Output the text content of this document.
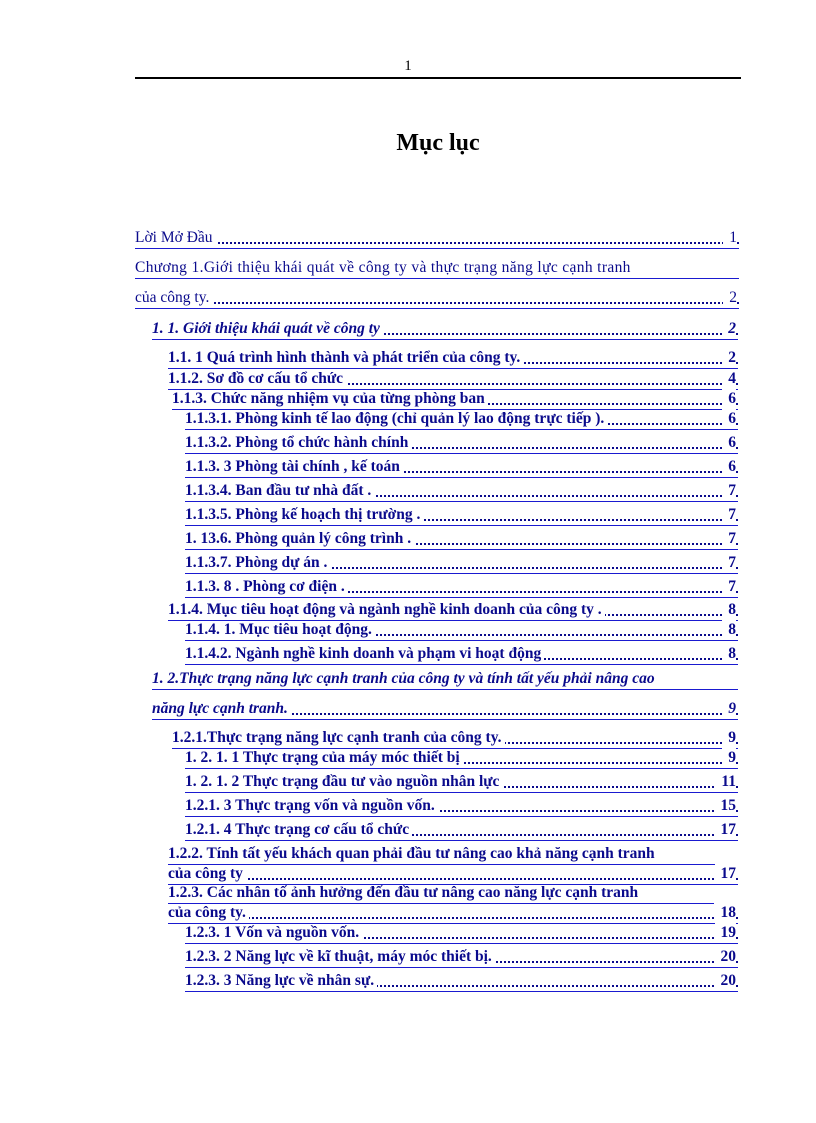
1
Mục lục
Lời Mở Đầu	1
Chương 1.Giới thiệu khái quát về công ty và thực trạng năng lực cạnh tranh
của công ty.	2
1. 1. Giới thiệu khái quát về công ty	2
1.1. 1 Quá trình hình thành và phát triển của công ty.	2
1.1.2. Sơ đồ cơ cấu tổ chức	4
1.1.3. Chức năng nhiệm vụ của từng phòng ban	6
1.1.3.1. Phòng kinh tế lao động (chỉ quản lý lao động trực tiếp ).	6
1.1.3.2. Phòng tổ chức hành chính	6
1.1.3. 3 Phòng tài chính , kế toán	6
1.1.3.4. Ban đầu tư nhà đất .	7
1.1.3.5. Phòng kế hoạch thị trường .	7
1. 13.6. Phòng quản lý công trình .	7
1.1.3.7. Phòng dự án .	7
1.1.3. 8 . Phòng cơ điện .	7
1.1.4. Mục tiêu hoạt động và ngành nghề kinh doanh của công ty .	8
1.1.4. 1. Mục tiêu hoạt động.	8
1.1.4.2. Ngành nghề kinh doanh và phạm vi hoạt động	8
1. 2.Thực trạng năng lực cạnh tranh của công ty và tính tất yếu phải nâng cao
năng lực cạnh tranh.	9
1.2.1.Thực trạng năng lực cạnh tranh của công ty.	9
1. 2. 1. 1 Thực trạng của máy móc thiết bị	9
1. 2. 1. 2 Thực trạng đầu tư vào nguồn nhân lực	11
1.2.1. 3 Thực trạng vốn và nguồn vốn.	15
1.2.1. 4 Thực trạng cơ cấu tổ chức	17
1.2.2. Tính tất yếu khách quan phải đầu tư nâng cao khả năng cạnh tranh
của công ty	17
1.2.3. Các nhân tố ảnh hưởng đến đầu tư nâng cao năng lực cạnh tranh
của công ty.	18
1.2.3. 1 Vốn và nguồn vốn.	19
1.2.3. 2 Năng lực về kĩ thuật, máy móc thiết bị.	20
1.2.3. 3 Năng lực về nhân sự.	20
